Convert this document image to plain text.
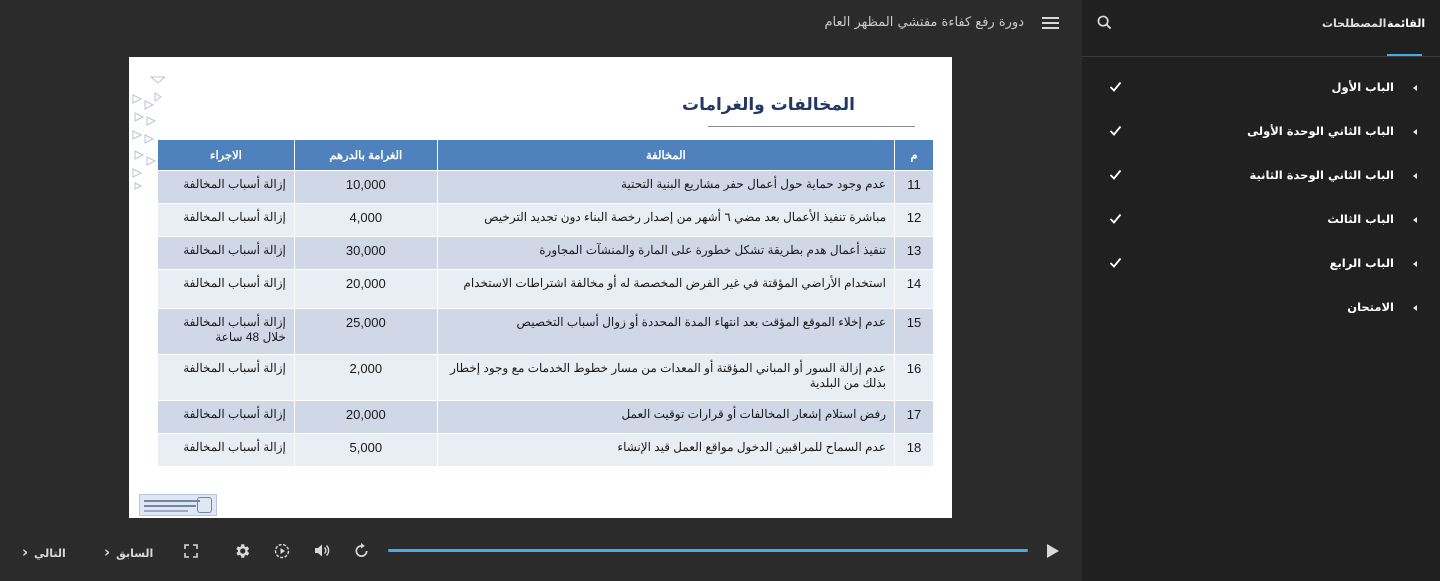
دورة رفع كفاءة مفتشي المظهر العام
المخالفات والغرامات
م	المخالفة	الغرامة بالدرهم	الاجراء
11	عدم وجود حماية حول أعمال حفر مشاريع البنية التحتية	10,000	إزالة أسباب المخالفة
12	مباشرة تنفيذ الأعمال بعد مضي ٦ أشهر من إصدار رخصة البناء دون تجديد الترخيص	4,000	إزالة أسباب المخالفة
13	تنفيذ أعمال هدم بطريقة تشكل خطورة على المارة والمنشآت المجاورة	30,000	إزالة أسباب المخالفة
14	استخدام الأراضي المؤقتة في غير الفرض المخصصة له أو مخالفة اشتراطات الاستخدام	20,000	إزالة أسباب المخالفة
15	عدم إخلاء الموقع المؤقت بعد انتهاء المدة المحددة أو زوال أسباب التخصيص	25,000	إزالة أسباب المخالفة خلال 48 ساعة
16	عدم إزالة السور أو المباني المؤقتة أو المعدات من مسار خطوط الخدمات مع وجود إخطار بذلك من البلدية	2,000	إزالة أسباب المخالفة
17	رفض استلام إشعار المخالفات أو قرارات توقيت العمل	20,000	إزالة أسباب المخالفة
18	عدم السماح للمراقبين الدخول مواقع العمل قيد الإنشاء	5,000	إزالة أسباب المخالفة
التالي ‹	السابق ‹
المصطلحات القائمة
الباب الأول
الباب الثاني الوحدة الأولى
الباب الثاني الوحدة الثانية
الباب الثالث
الباب الرابع
الامتحان
